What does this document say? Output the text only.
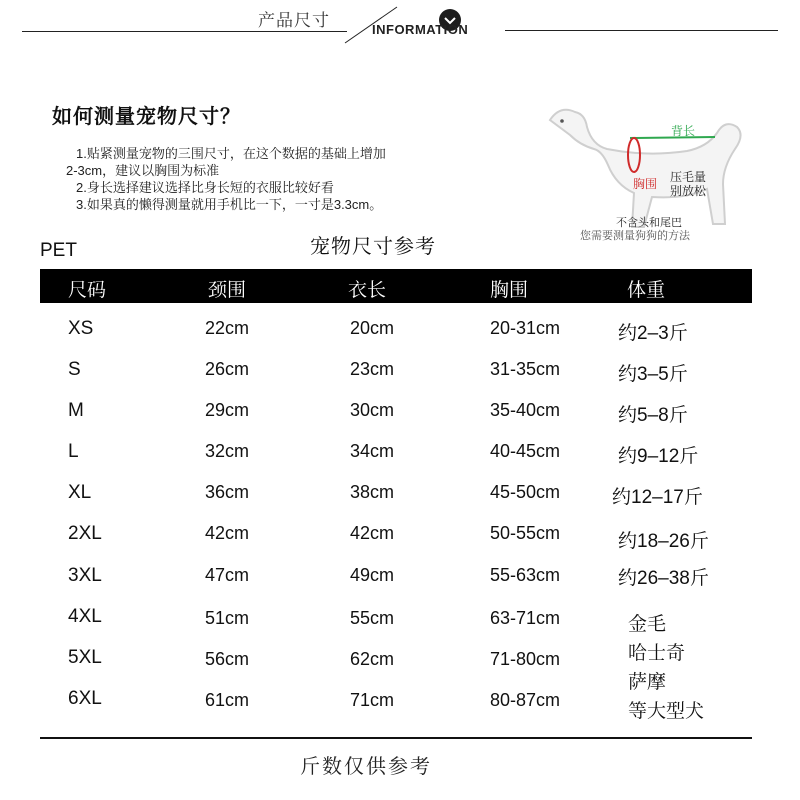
产品尺寸	INFORMATION
如何测量宠物尺寸？
1.贴紧测量宠物的三围尺寸，在这个数据的基础上增加
2-3cm，建议以胸围为标准
2.身长选择建议选择比身长短的衣服比较好看
3.如果真的懒得测量就用手机比一下，一寸是3.3cm。
背长
胸围 压毛量
别放松
不含头和尾巴
您需要测量狗狗的方法
PET	宠物尺寸参考
尺码	颈围	衣长	胸围	体重
XS	22cm	20cm	20-31cm	约2–3斤
S	26cm	23cm	31-35cm	约3–5斤
M	29cm	30cm	35-40cm	约5–8斤
L	32cm	34cm	40-45cm	约9–12斤
XL	36cm	38cm	45-50cm	约12–17斤
2XL	42cm	42cm	50-55cm	约18–26斤
3XL	47cm	49cm	55-63cm	约26–38斤
4XL	51cm	55cm	63-71cm
5XL	56cm	62cm	71-80cm
6XL	61cm	71cm	80-87cm
金毛
哈士奇
萨摩
等大型犬
斤数仅供参考
